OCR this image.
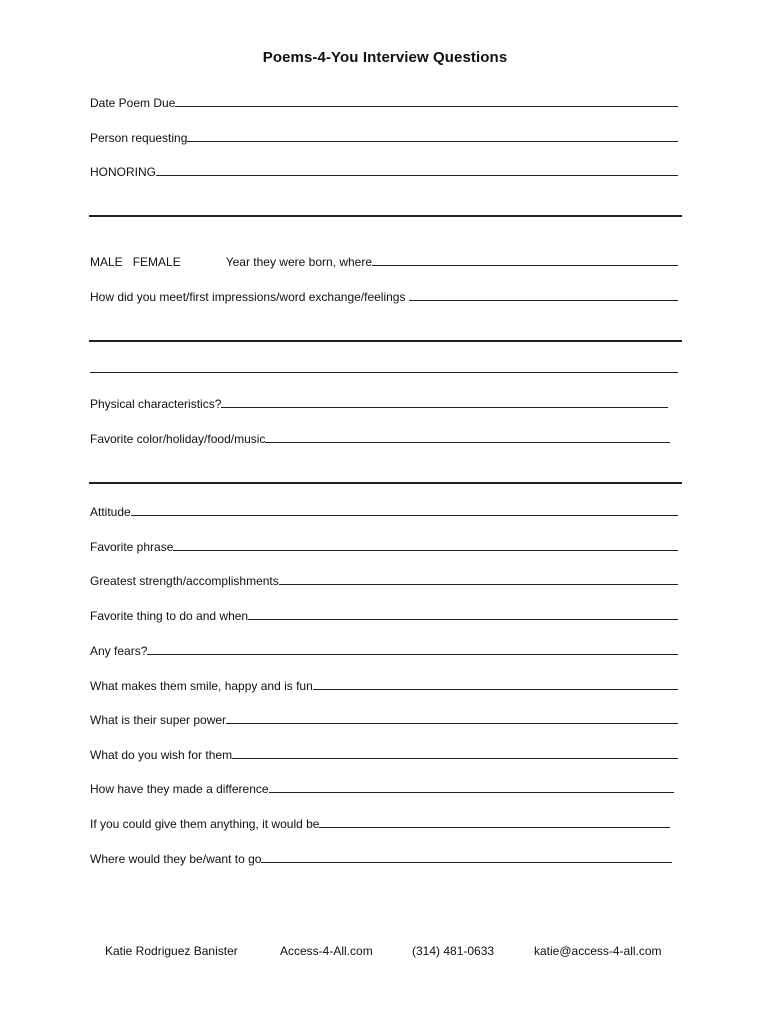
Poems-4-You Interview Questions
Date Poem Due
Person requesting
HONORING
MALE FEMALE	Year they were born, where
How did you meet/first impressions/word exchange/feelings
Physical characteristics?
Favorite color/holiday/food/music
Attitude
Favorite phrase
Greatest strength/accomplishments
Favorite thing to do and when
Any fears?
What makes them smile, happy and is fun
What is their super power
What do you wish for them
How have they made a difference
If you could give them anything, it would be
Where would they be/want to go
Katie Rodriguez Banister	Access-4-All.com	(314) 481-0633	katie@access-4-all.com
